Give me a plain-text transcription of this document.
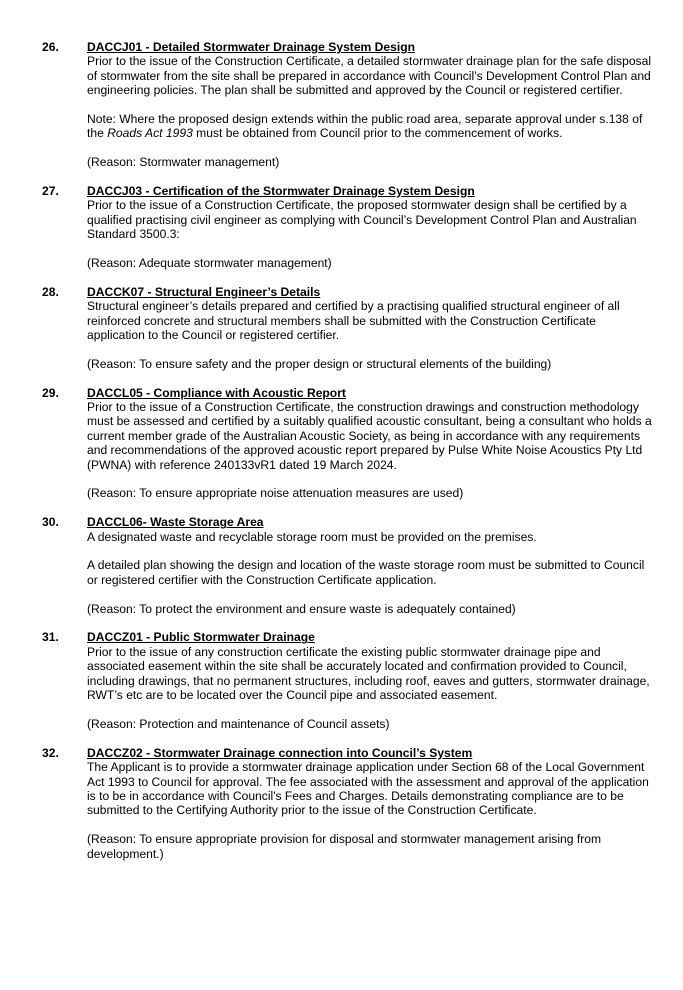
26.	DACCJ01 - Detailed Stormwater Drainage System Design

Prior to the issue of the Construction Certificate, a detailed stormwater drainage plan for the safe disposal of stormwater from the site shall be prepared in accordance with Council’s Development Control Plan and engineering policies. The plan shall be submitted and approved by the Council or registered certifier.

Note: Where the proposed design extends within the public road area, separate approval under s.138 of the Roads Act 1993 must be obtained from Council prior to the commencement of works.

(Reason: Stormwater management)

27.	DACCJ03 - Certification of the Stormwater Drainage System Design

Prior to the issue of a Construction Certificate, the proposed stormwater design shall be certified by a qualified practising civil engineer as complying with Council’s Development Control Plan and Australian Standard 3500.3:

(Reason: Adequate stormwater management)

28.	DACCK07 - Structural Engineer’s Details

Structural engineer’s details prepared and certified by a practising qualified structural engineer of all reinforced concrete and structural members shall be submitted with the Construction Certificate application to the Council or registered certifier.

(Reason: To ensure safety and the proper design or structural elements of the building)

29.	DACCL05 - Compliance with Acoustic Report

Prior to the issue of a Construction Certificate, the construction drawings and construction methodology must be assessed and certified by a suitably qualified acoustic consultant, being a consultant who holds a current member grade of the Australian Acoustic Society, as being in accordance with any requirements and recommendations of the approved acoustic report prepared by Pulse White Noise Acoustics Pty Ltd (PWNA) with reference 240133vR1 dated 19 March 2024.

(Reason: To ensure appropriate noise attenuation measures are used)

30.	DACCL06- Waste Storage Area

A designated waste and recyclable storage room must be provided on the premises.

A detailed plan showing the design and location of the waste storage room must be submitted to Council or registered certifier with the Construction Certificate application.

(Reason: To protect the environment and ensure waste is adequately contained)

31.	DACCZ01 - Public Stormwater Drainage

Prior to the issue of any construction certificate the existing public stormwater drainage pipe and associated easement within the site shall be accurately located and confirmation provided to Council, including drawings, that no permanent structures, including roof, eaves and gutters, stormwater drainage, RWT’s etc are to be located over the Council pipe and associated easement.

(Reason: Protection and maintenance of Council assets)

32.	DACCZ02 - Stormwater Drainage connection into Council’s System

The Applicant is to provide a stormwater drainage application under Section 68 of the Local Government Act 1993 to Council for approval. The fee associated with the assessment and approval of the application is to be in accordance with Council's Fees and Charges. Details demonstrating compliance are to be submitted to the Certifying Authority prior to the issue of the Construction Certificate.

(Reason: To ensure appropriate provision for disposal and stormwater management arising from development.)
